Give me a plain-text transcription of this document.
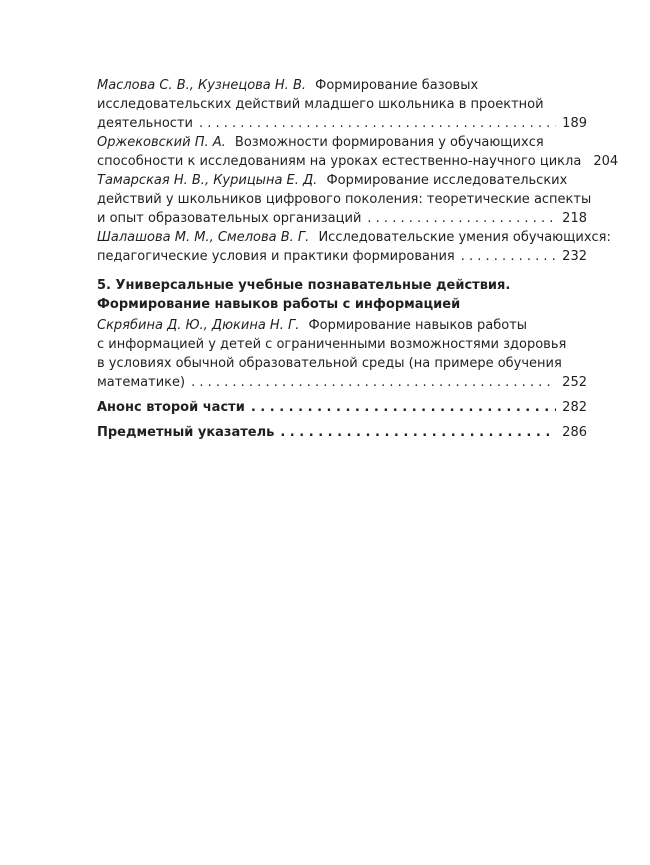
Маслова С. В., Кузнецова Н. В. Формирование базовых
исследовательских действий младшего школьника в проектной
деятельности . . .	189
Оржековский П. А. Возможности формирования у обучающихся
способности к исследованиям на уроках естественно-научного цикла 204
Тамарская Н. В., Курицына Е. Д. Формирование исследовательских
действий у школьников цифрового поколения: теоретические аспекты
и опыт образовательных организаций . . .	218
Шалашова М. М., Смелова В. Г. Исследовательские умения обучающихся:
педагогические условия и практики формирования . . .	232
5. Универсальные учебные познавательные действия.
Формирование навыков работы с информацией
Скрябина Д. Ю., Дюкина Н. Г. Формирование навыков работы
с информацией у детей с ограниченными возможностями здоровья
в условиях обычной образовательной среды (на примере обучения
математике) . . .	252
Анонс второй части . . .	282
Предметный указатель . . .	286
